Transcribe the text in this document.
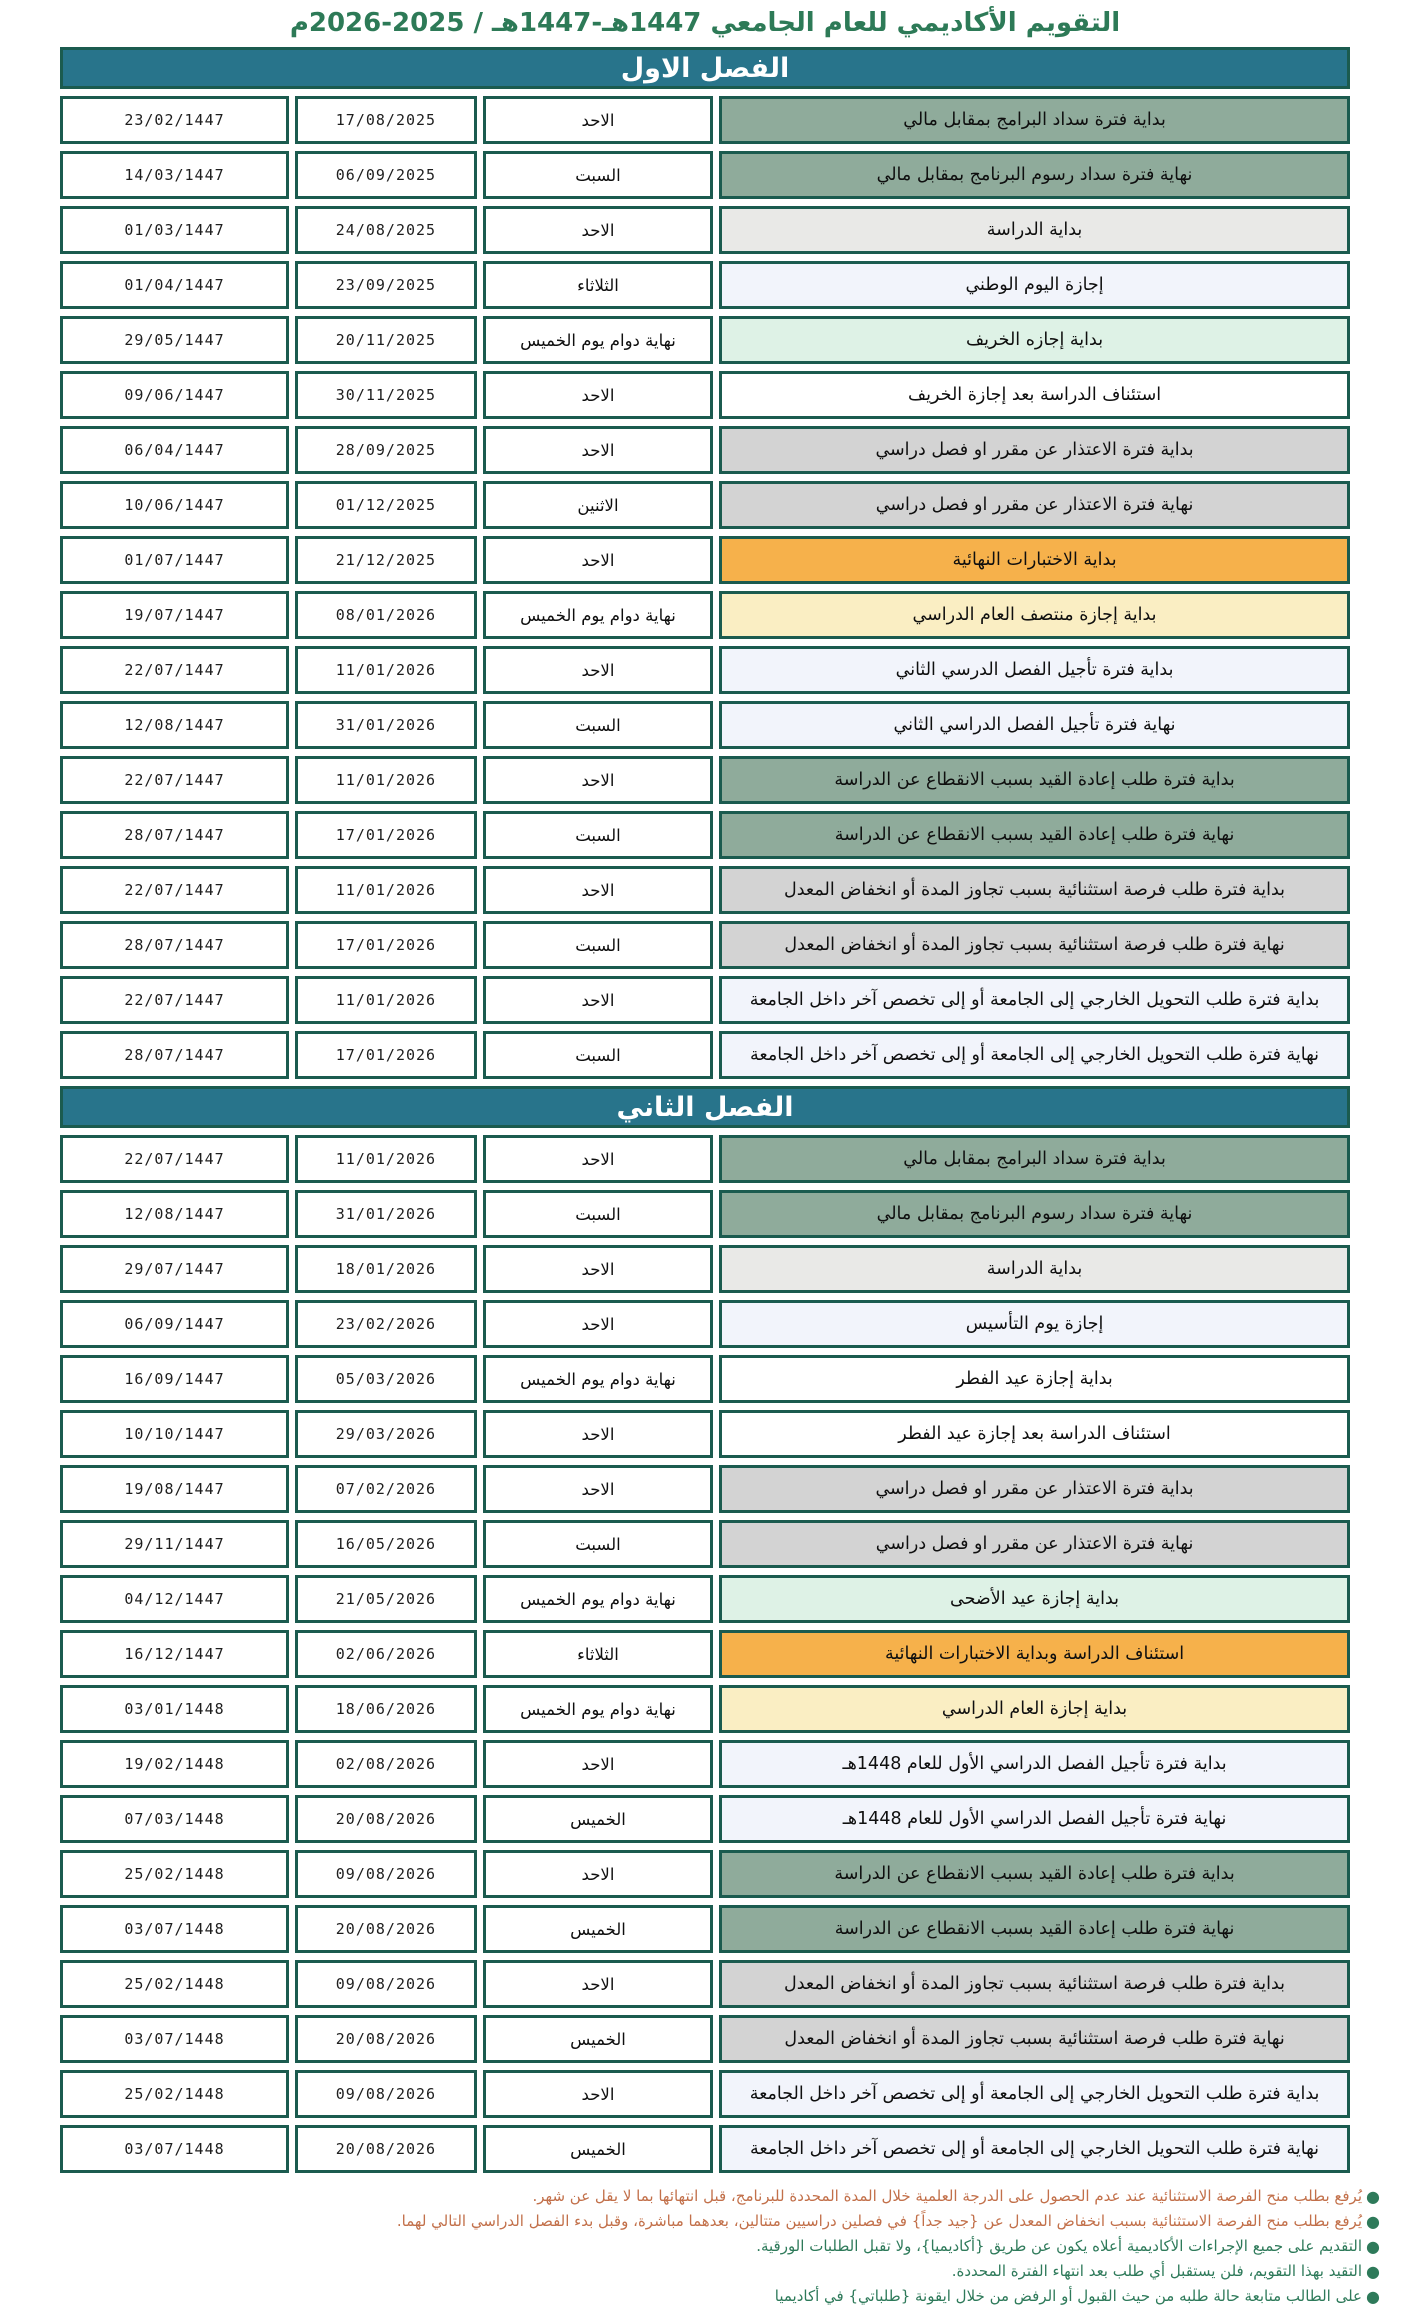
التقويم الأكاديمي للعام الجامعي 1447هـ-1447هـ / 2025-2026م
الفصل الاول			
بداية فترة سداد البرامج بمقابل مالي	الاحد	17/08/2025	23/02/1447
نهاية فترة سداد رسوم البرنامج بمقابل مالي	السبت	06/09/2025	14/03/1447
بداية الدراسة	الاحد	24/08/2025	01/03/1447
إجازة اليوم الوطني	الثلاثاء	23/09/2025	01/04/1447
بداية إجازه الخريف	نهاية دوام يوم الخميس	20/11/2025	29/05/1447
استئناف الدراسة بعد إجازة الخريف	الاحد	30/11/2025	09/06/1447
بداية فترة الاعتذار عن مقرر او فصل دراسي	الاحد	28/09/2025	06/04/1447
نهاية فترة الاعتذار عن مقرر او فصل دراسي	الاثنين	01/12/2025	10/06/1447
بداية الاختبارات النهائية	الاحد	21/12/2025	01/07/1447
بداية إجازة منتصف العام الدراسي	نهاية دوام يوم الخميس	08/01/2026	19/07/1447
بداية فترة تأجيل الفصل الدرسي الثاني	الاحد	11/01/2026	22/07/1447
نهاية فترة تأجيل الفصل الدراسي الثاني	السبت	31/01/2026	12/08/1447
بداية فترة طلب إعادة القيد بسبب الانقطاع عن الدراسة	الاحد	11/01/2026	22/07/1447
نهاية فترة طلب إعادة القيد بسبب الانقطاع عن الدراسة	السبت	17/01/2026	28/07/1447
بداية فترة طلب فرصة استثنائية بسبب تجاوز المدة أو انخفاض المعدل	الاحد	11/01/2026	22/07/1447
نهاية فترة طلب فرصة استثنائية بسبب تجاوز المدة أو انخفاض المعدل	السبت	17/01/2026	28/07/1447
بداية فترة طلب التحويل الخارجي إلى الجامعة أو إلى تخصص آخر داخل الجامعة	الاحد	11/01/2026	22/07/1447
نهاية فترة طلب التحويل الخارجي إلى الجامعة أو إلى تخصص آخر داخل الجامعة	السبت	17/01/2026	28/07/1447
الفصل الثاني			
بداية فترة سداد البرامج بمقابل مالي	الاحد	11/01/2026	22/07/1447
نهاية فترة سداد رسوم البرنامج بمقابل مالي	السبت	31/01/2026	12/08/1447
بداية الدراسة	الاحد	18/01/2026	29/07/1447
إجازة يوم التأسيس	الاحد	23/02/2026	06/09/1447
بداية إجازة عيد الفطر	نهاية دوام يوم الخميس	05/03/2026	16/09/1447
استئناف الدراسة بعد إجازة عيد الفطر	الاحد	29/03/2026	10/10/1447
بداية فترة الاعتذار عن مقرر او فصل دراسي	الاحد	07/02/2026	19/08/1447
نهاية فترة الاعتذار عن مقرر او فصل دراسي	السبت	16/05/2026	29/11/1447
بداية إجازة عيد الأضحى	نهاية دوام يوم الخميس	21/05/2026	04/12/1447
استئناف الدراسة وبداية الاختبارات النهائية	الثلاثاء	02/06/2026	16/12/1447
بداية إجازة العام الدراسي	نهاية دوام يوم الخميس	18/06/2026	03/01/1448
بداية فترة تأجيل الفصل الدراسي الأول للعام 1448هـ	الاحد	02/08/2026	19/02/1448
نهاية فترة تأجيل الفصل الدراسي الأول للعام 1448هـ	الخميس	20/08/2026	07/03/1448
بداية فترة طلب إعادة القيد بسبب الانقطاع عن الدراسة	الاحد	09/08/2026	25/02/1448
نهاية فترة طلب إعادة القيد بسبب الانقطاع عن الدراسة	الخميس	20/08/2026	03/07/1448
بداية فترة طلب فرصة استثنائية بسبب تجاوز المدة أو انخفاض المعدل	الاحد	09/08/2026	25/02/1448
نهاية فترة طلب فرصة استثنائية بسبب تجاوز المدة أو انخفاض المعدل	الخميس	20/08/2026	03/07/1448
بداية فترة طلب التحويل الخارجي إلى الجامعة أو إلى تخصص آخر داخل الجامعة	الاحد	09/08/2026	25/02/1448
نهاية فترة طلب التحويل الخارجي إلى الجامعة أو إلى تخصص آخر داخل الجامعة	الخميس	20/08/2026	03/07/1448
●
يُرفع بطلب منح الفرصة الاستثنائية عند عدم الحصول على الدرجة العلمية خلال المدة المحددة للبرنامج، قبل انتهائها بما لا يقل عن شهر.
●
يُرفع بطلب منح الفرصة الاستثنائية بسبب انخفاض المعدل عن {جيد جداً} في فصلين دراسيين متتالين، بعدهما مباشرة، وقبل بدء الفصل الدراسي التالي لهما.
●
التقديم على جميع الإجراءات الأكاديمية أعلاه يكون عن طريق {أكاديميا}، ولا تقبل الطلبات الورقية.
●
التقيد بهذا التقويم، فلن يستقبل أي طلب بعد انتهاء الفترة المحددة.
●
على الطالب متابعة حالة طلبه من حيث القبول أو الرفض من خلال ايقونة {طلباتي} في أكاديميا
